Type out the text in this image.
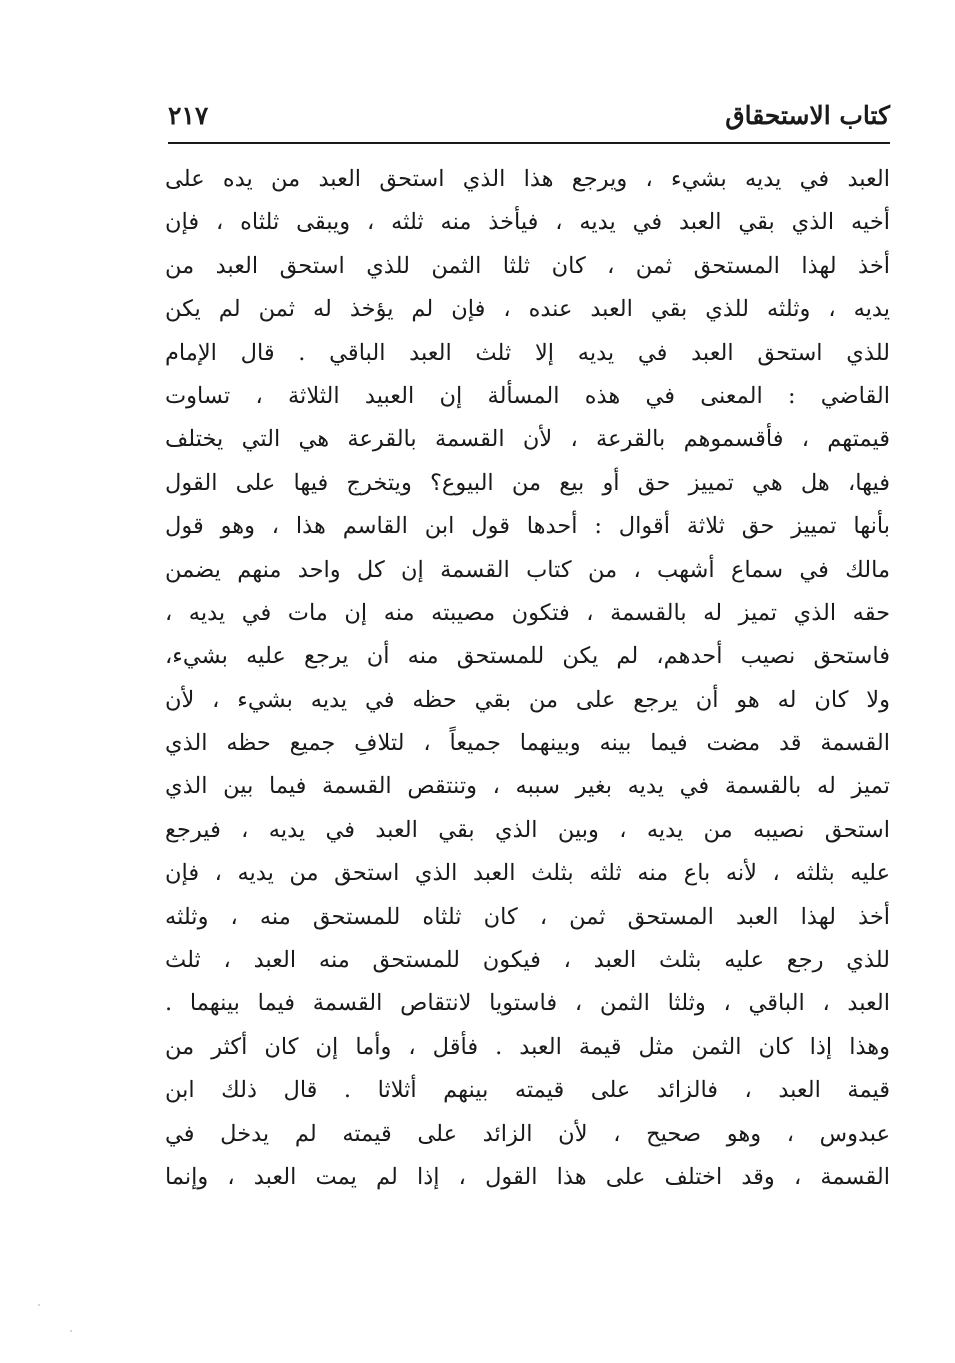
كتاب الاستحقاق
٢١٧
العبد في يديه بشيء ، ويرجع هذا الذي استحق العبد من يده على
أخيه الذي بقي العبد في يديه ، فيأخذ منه ثلثه ، ويبقى ثلثاه ، فإن
أخذ لهذا المستحق ثمن ، كان ثلثا الثمن للذي استحق العبد من
يديه ، وثلثه للذي بقي العبد عنده ، فإن لم يؤخذ له ثمن لم يكن
للذي استحق العبد في يديه إلا ثلث العبد الباقي . قال الإمام
القاضي : المعنى في هذه المسألة إن العبيد الثلاثة ، تساوت
قيمتهم ، فأقسموهم بالقرعة ، لأن القسمة بالقرعة هي التي يختلف
فيها، هل هي تمييز حق أو بيع من البيوع؟ ويتخرج فيها على القول
بأنها تمييز حق ثلاثة أقوال : أحدها قول ابن القاسم هذا ، وهو قول
مالك في سماع أشهب ، من كتاب القسمة إن كل واحد منهم يضمن
حقه الذي تميز له بالقسمة ، فتكون مصيبته منه إن مات في يديه ،
فاستحق نصيب أحدهم، لم يكن للمستحق منه أن يرجع عليه بشيء،
ولا كان له هو أن يرجع على من بقي حظه في يديه بشيء ، لأن
القسمة قد مضت فيما بينه وبينهما جميعاً ، لتلافِ جميع حظه الذي
تميز له بالقسمة في يديه بغير سببه ، وتنتقص القسمة فيما بين الذي
استحق نصيبه من يديه ، وبين الذي بقي العبد في يديه ، فيرجع
عليه بثلثه ، لأنه باع منه ثلثه بثلث العبد الذي استحق من يديه ، فإن
أخذ لهذا العبد المستحق ثمن ، كان ثلثاه للمستحق منه ، وثلثه
للذي رجع عليه بثلث العبد ، فيكون للمستحق منه العبد ، ثلث
العبد ، الباقي ، وثلثا الثمن ، فاستويا لانتقاص القسمة فيما بينهما .
وهذا إذا كان الثمن مثل قيمة العبد . فأقل ، وأما إن كان أكثر من
قيمة العبد ، فالزائد على قيمته بينهم أثلاثا . قال ذلك ابن
عبدوس ، وهو صحيح ، لأن الزائد على قيمته لم يدخل في
القسمة ، وقد اختلف على هذا القول ، إذا لم يمت العبد ، وإنما
